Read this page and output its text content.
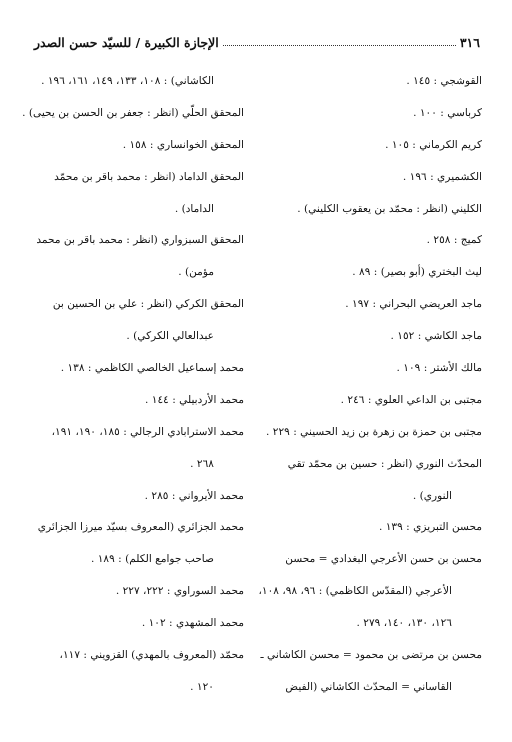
٣١٦
الإجازة الكبيرة / للسيّد حسن الصدر
القوشجي : ١٤٥ .
كرباسي : ١٠٠ .
كريم الكرماني : ١٠٥ .
الكشميري : ١٩٦ .
الكليني (انظر : محمّد بن يعقوب الكليني) .
كميج : ٢٥٨ .
ليث البختري (أبو بصير) : ٨٩ .
ماجد العريضي البحراني : ١٩٧ .
ماجد الكاشي : ١٥٢ .
مالك الأشتر : ١٠٩ .
مجتبى بن الداعي العلوي : ٢٤٦ .
مجتبى بن حمزة بن زهرة بن زيد الحسيني : ٢٢٩ .
المحدّث النوري (انظر : حسين بن محمّد تقي
النوري) .
محسن التبريزي : ١٣٩ .
محسن بن حسن الأعرجي البغدادي = محسن
الأعرجي (المقدّس الكاظمي) : ٩٦، ٩٨، ١٠٨،
١٢٦، ١٣٠، ١٤٠، ٢٧٩ .
محسن بن مرتضى بن محمود = محسن الكاشاني ـ
القاساني = المحدّث الكاشاني (الفيض
الكاشاني) : ١٠٨، ١٣٣، ١٤٩، ١٦١، ١٩٦ .
المحقق الحلّي (انظر : جعفر بن الحسن بن يحيى) .
المحقق الخوانساري : ١٥٨ .
المحقق الداماد (انظر : محمد باقر بن محمّد
الداماد) .
المحقق السبزواري (انظر : محمد باقر بن محمد
مؤمن) .
المحقق الكركي (انظر : علي بن الحسين بن
عبدالعالي الكركي) .
محمد إسماعيل الخالصي الكاظمي : ١٣٨ .
محمد الأردبيلي : ١٤٤ .
محمد الاسترابادي الرجالي : ١٨٥، ١٩٠، ١٩١،
٢٦٨ .
محمد الأيرواني : ٢٨٥ .
محمد الجزائري (المعروف بسيّد ميرزا الجزائري
صاحب جوامع الكلم) : ١٨٩ .
محمد السوراوي : ٢٢٢، ٢٢٧ .
محمد المشهدي : ١٠٢ .
محمّد (المعروف بالمهدي) القزويني : ١١٧،
١٢٠ .
